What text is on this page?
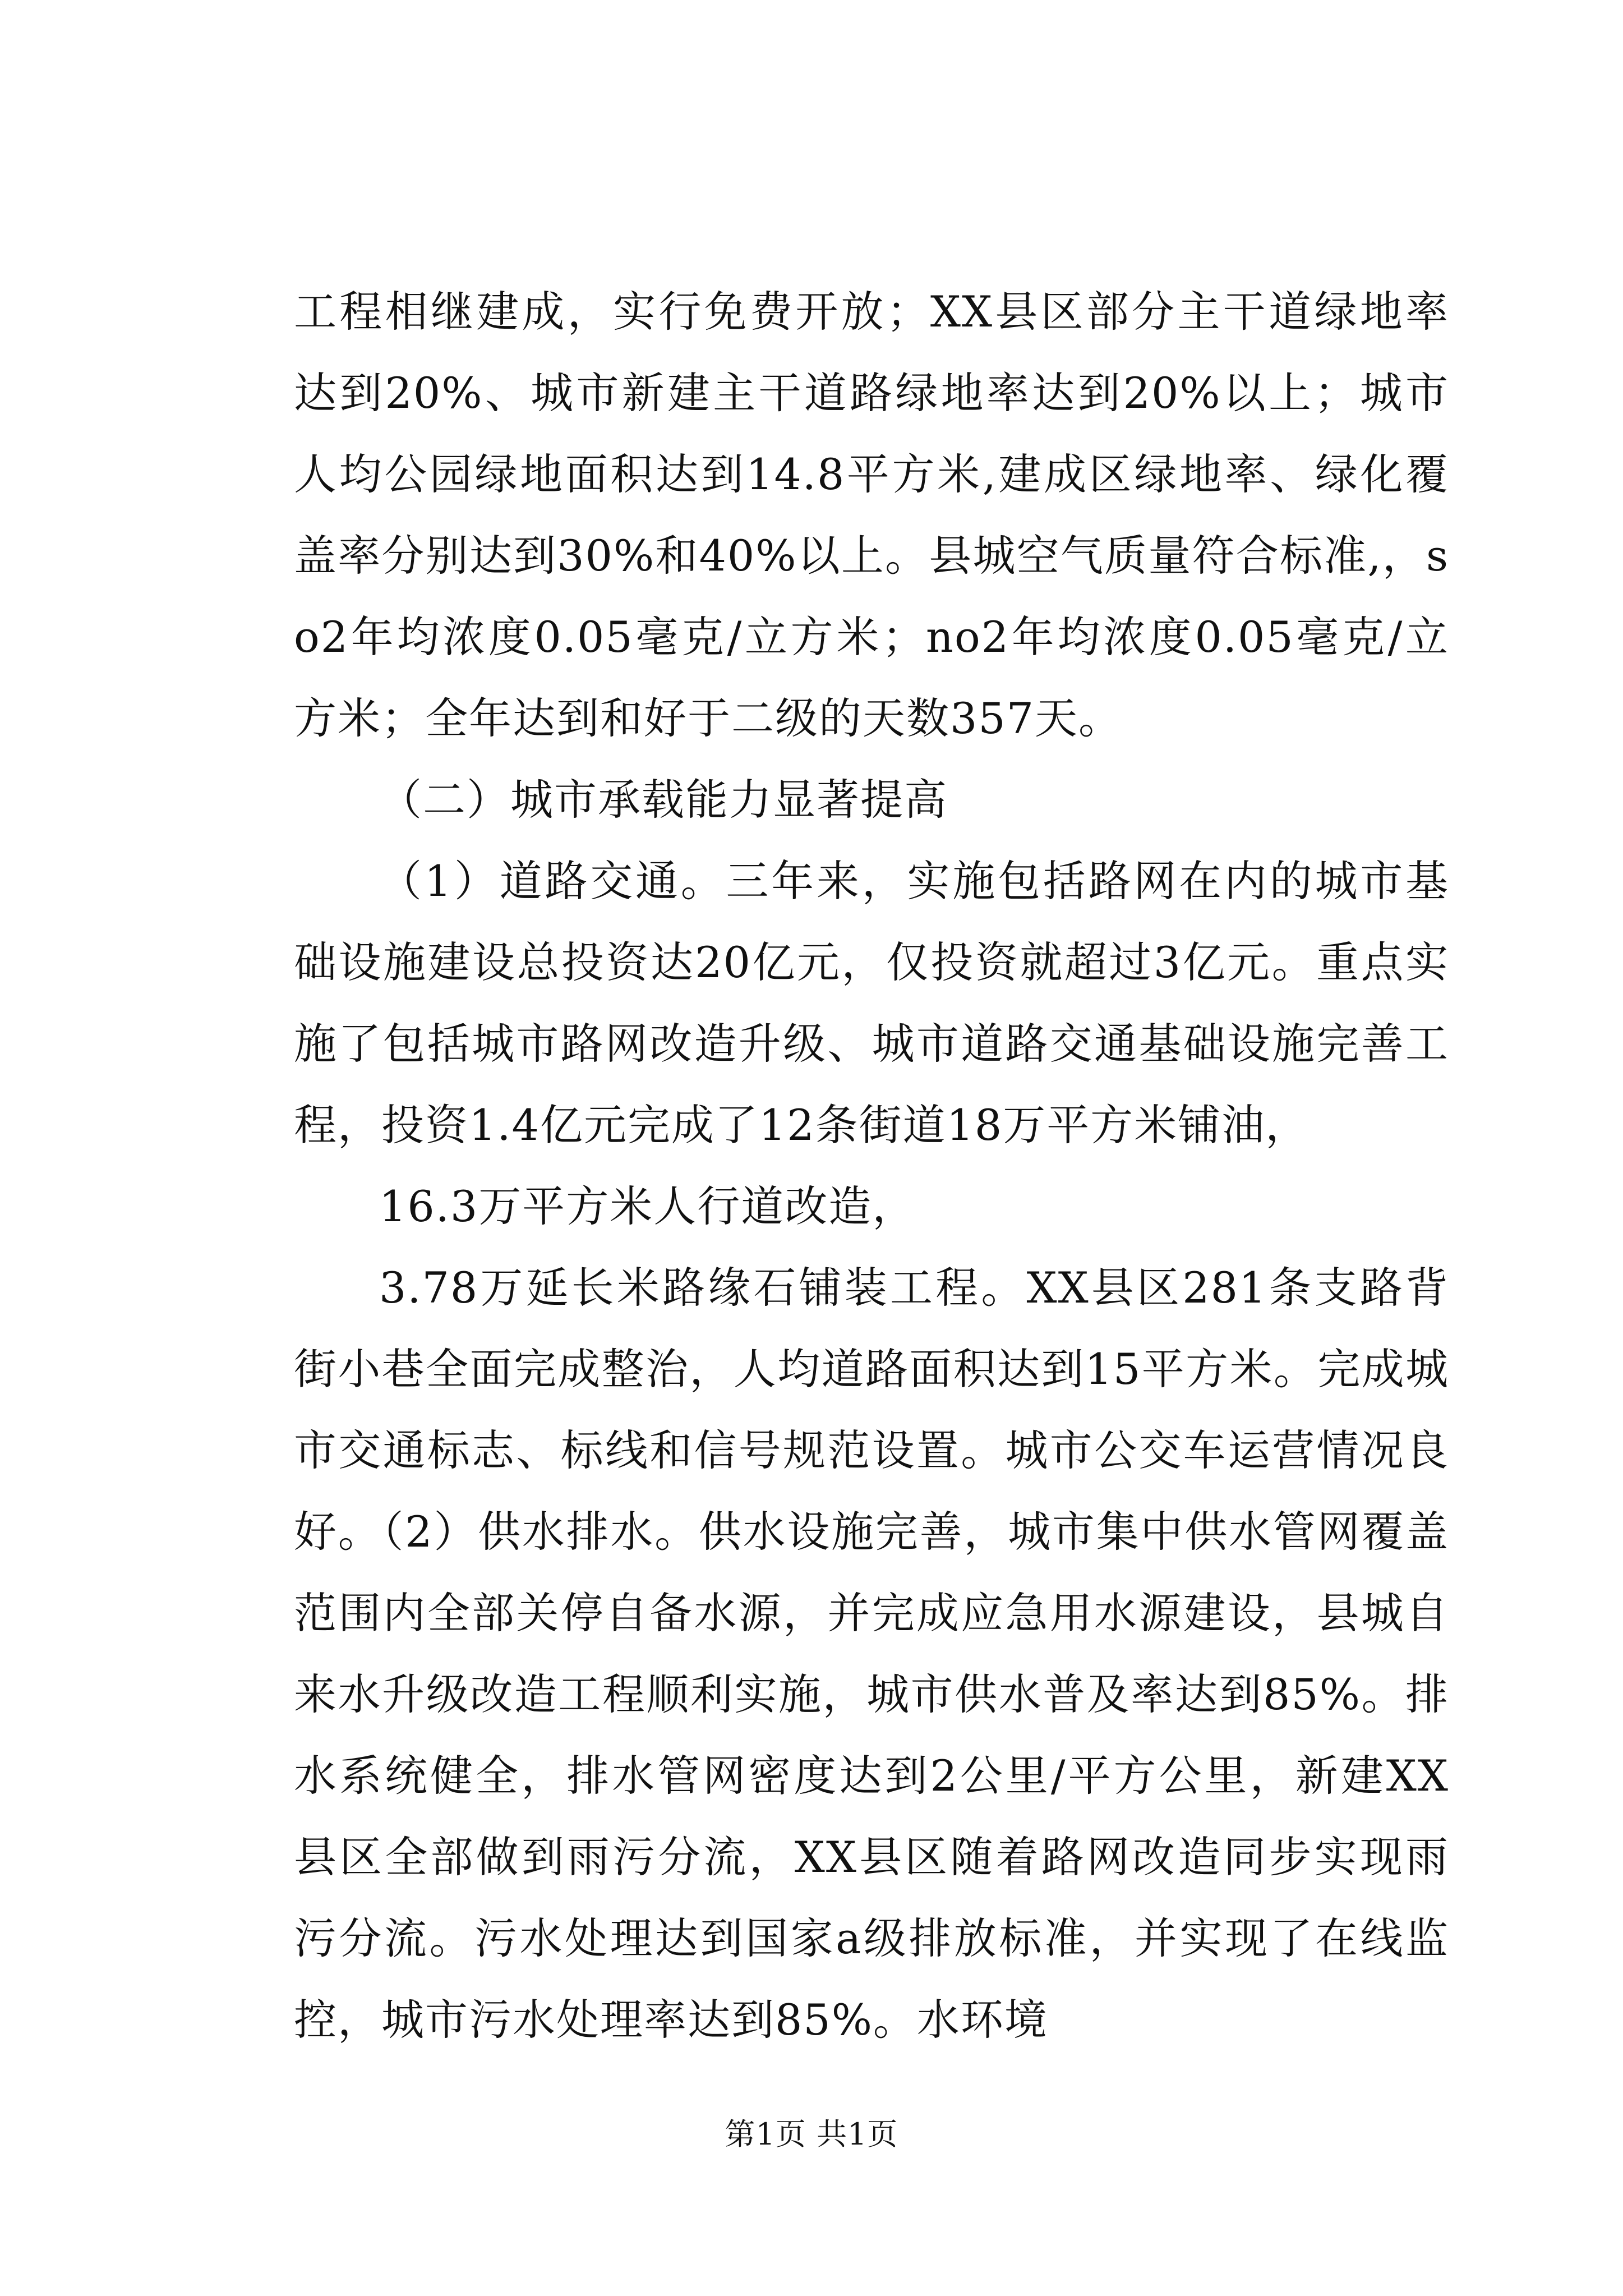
工程相继建成，实行免费开放；XX县区部分主干道绿地率达到20%、城市新建主干道路绿地率达到20%以上；城市人均公园绿地面积达到14.8平方米,建成区绿地率、绿化覆盖率分别达到30%和40%以上。县城空气质量符合标准,，so2年均浓度0.05毫克/立方米；no2年均浓度0.05毫克/立方米；全年达到和好于二级的天数357天。

（二）城市承载能力显著提高

（1）道路交通。三年来，实施包括路网在内的城市基础设施建设总投资达20亿元，仅投资就超过3亿元。重点实施了包括城市路网改造升级、城市道路交通基础设施完善工程，投资1.4亿元完成了12条街道18万平方米铺油，

16.3万平方米人行道改造，

3.78万延长米路缘石铺装工程。XX县区281条支路背街小巷全面完成整治，人均道路面积达到15平方米。完成城市交通标志、标线和信号规范设置。城市公交车运营情况良好。（2）供水排水。供水设施完善，城市集中供水管网覆盖范围内全部关停自备水源，并完成应急用水源建设，县城自来水升级改造工程顺利实施，城市供水普及率达到85%。排水系统健全，排水管网密度达到2公里/平方公里，新建XX县区全部做到雨污分流，XX县区随着路网改造同步实现雨污分流。污水处理达到国家a级排放标准，并实现了在线监控，城市污水处理率达到85%。水环境

第1页 共1页
